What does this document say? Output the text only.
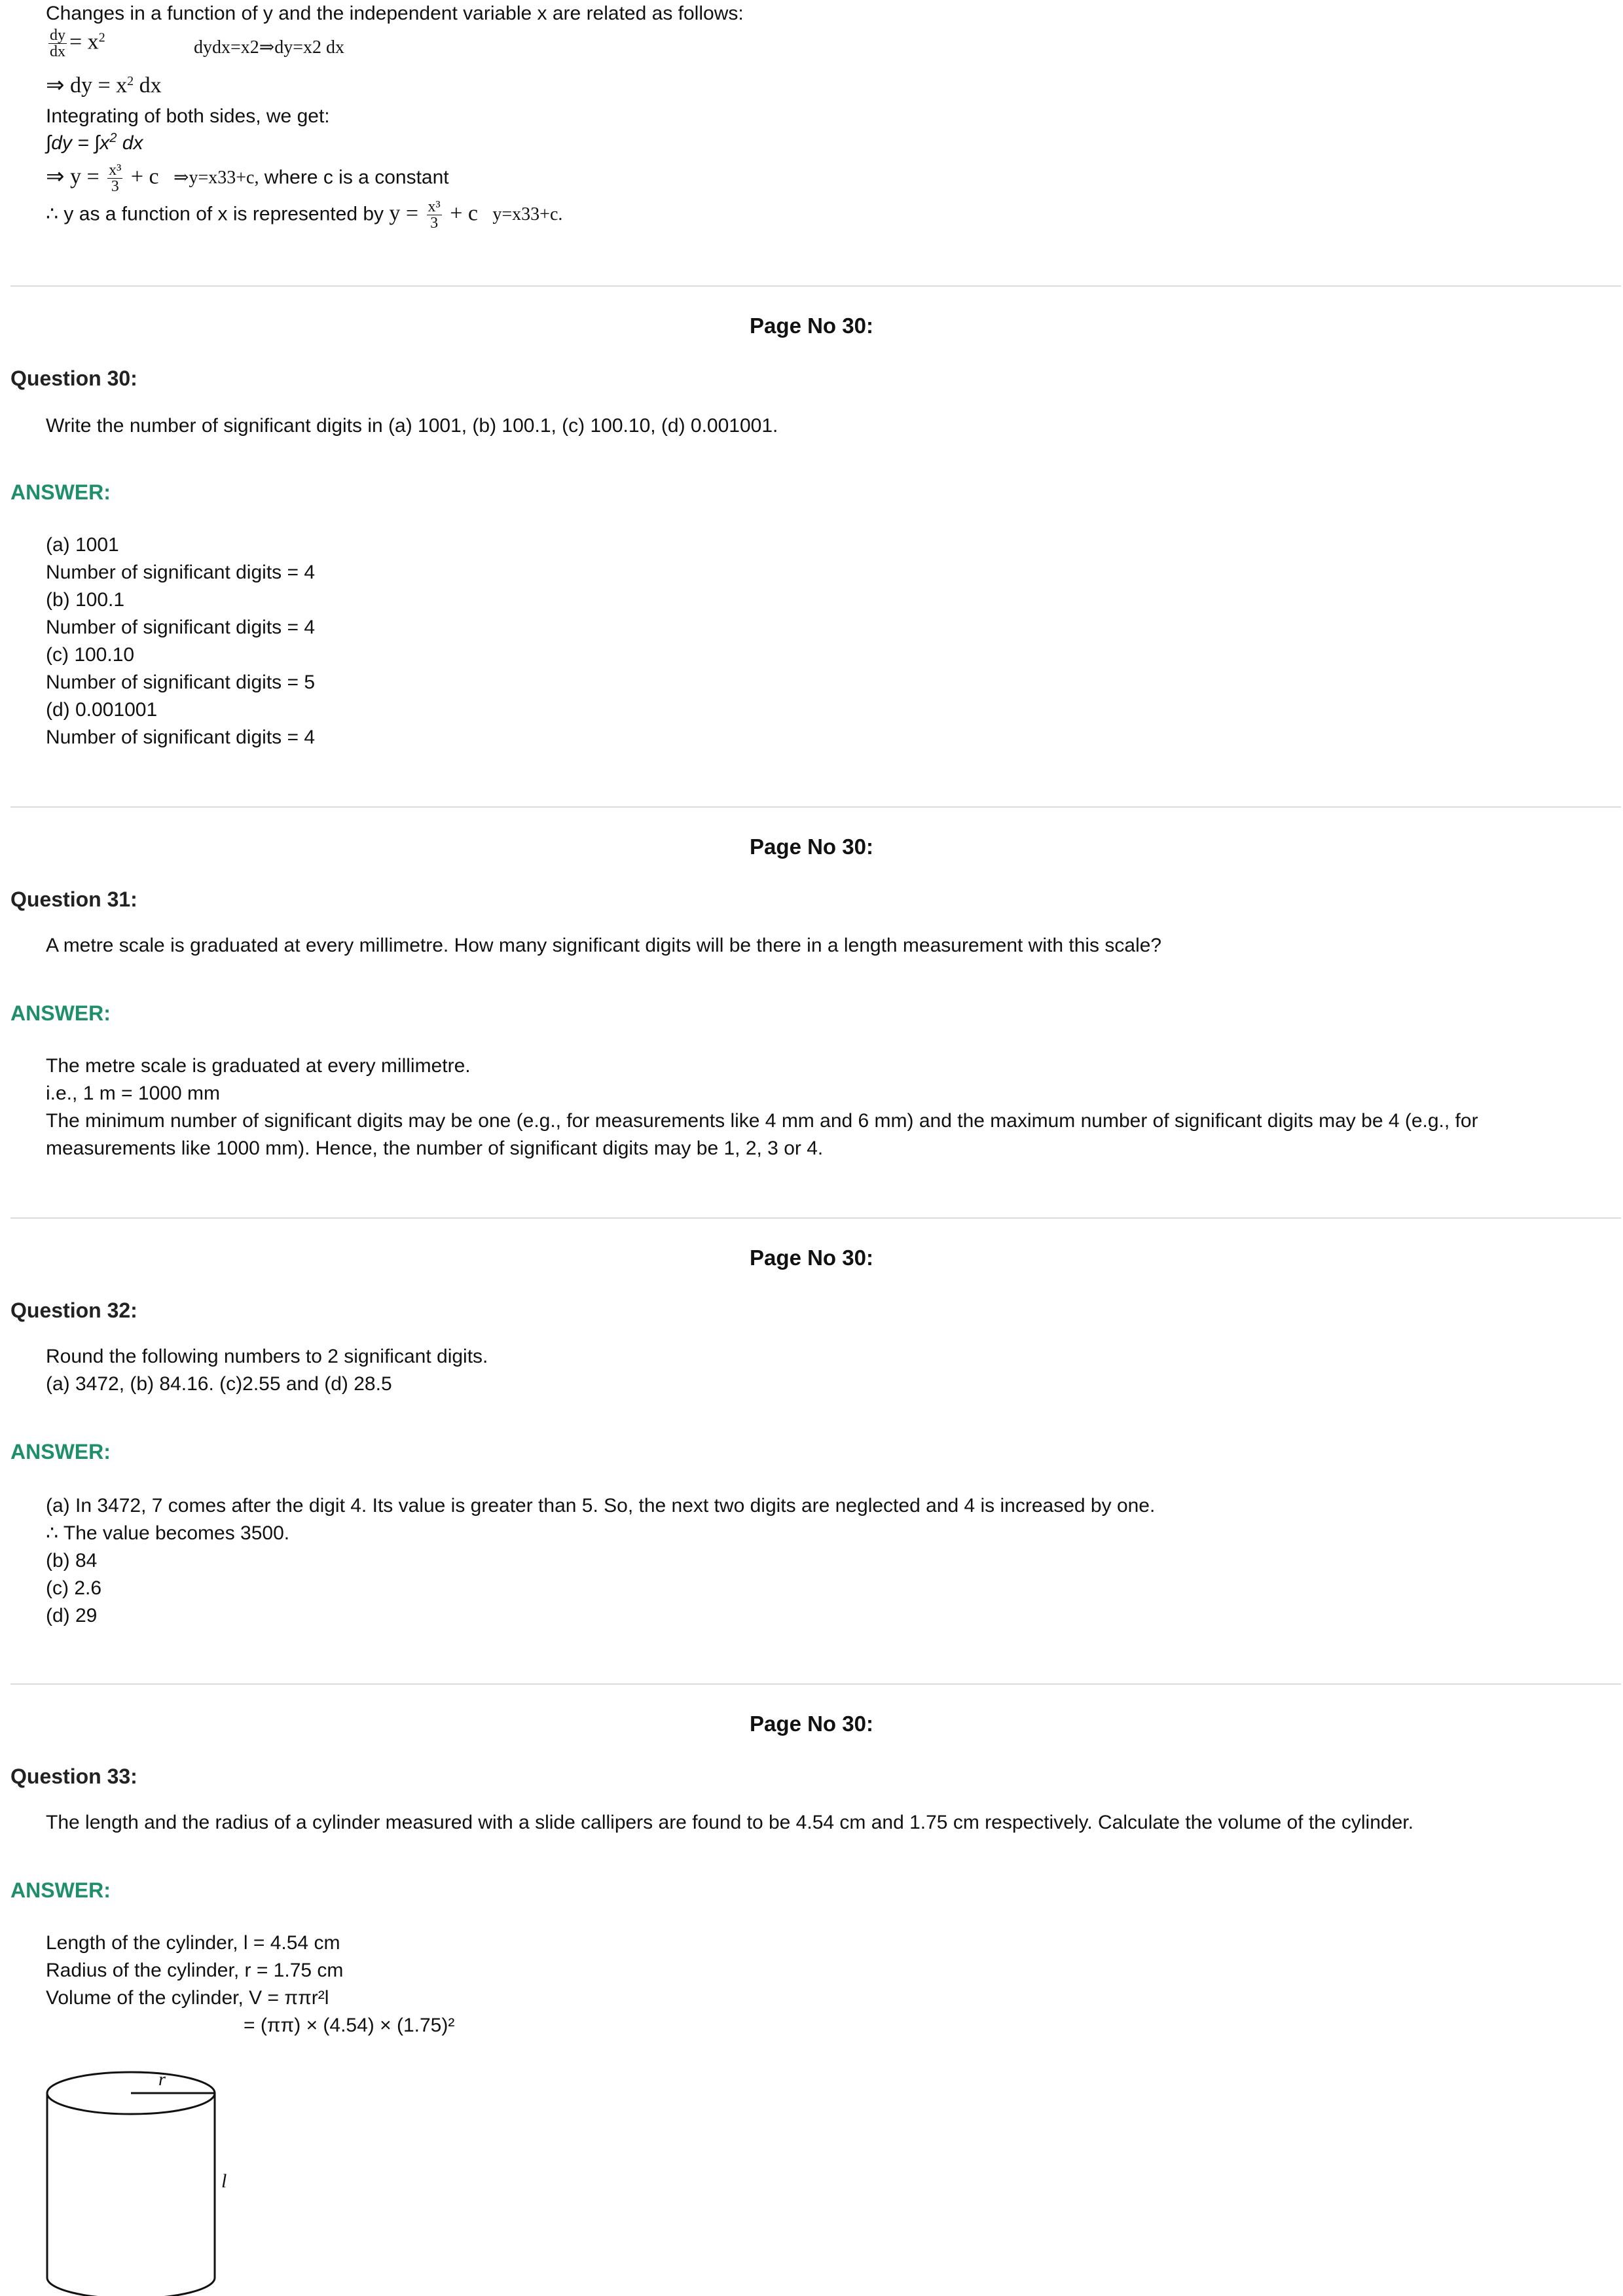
Changes in a function of y and the independent variable x are related as follows:
$\frac{dy}{dx} = x^2$	dydx=x2⇒dy=x2 dx
⇒ dy = $x^2$ dx
Integrating of both sides, we get:
$\int dy = \int x^2$ dx
⇒ $y = \frac{\text{x³}}{3} + c$ ⇒y=x33+c, where c is a constant
∴ y as a function of x is represented by $y = \frac{\text{x³}}{3} + c$ y=x33+c.
Page No 30:
Question 30:
Write the number of significant digits in (a) 1001, (b) 100.1, (c) 100.10, (d) 0.001001.
ANSWER:
(a) 1001
Number of significant digits = 4
(b) 100.1
Number of significant digits = 4
(c) 100.10
Number of significant digits = 5
(d) 0.001001
Number of significant digits = 4
Page No 30:
Question 31:
A metre scale is graduated at every millimetre. How many significant digits will be there in a length measurement with this scale?
ANSWER:
The metre scale is graduated at every millimetre.
i.e., 1 m = 1000 mm
The minimum number of significant digits may be one (e.g., for measurements like 4 mm and 6 mm) and the maximum number of significant digits may be 4 (e.g., for measurements like 1000 mm). Hence, the number of significant digits may be 1, 2, 3 or 4.
Page No 30:
Question 32:
Round the following numbers to 2 significant digits.
(a) 3472, (b) 84.16. (c)2.55 and (d) 28.5
ANSWER:
(a) In 3472, 7 comes after the digit 4. Its value is greater than 5. So, the next two digits are neglected and 4 is increased by one.
∴ The value becomes 3500.
(b) 84
(c) 2.6
(d) 29
Page No 30:
Question 33:
The length and the radius of a cylinder measured with a slide callipers are found to be 4.54 cm and 1.75 cm respectively. Calculate the volume of the cylinder.
ANSWER:
Length of the cylinder, l = 4.54 cm
Radius of the cylinder, r = 1.75 cm
Volume of the cylinder, V = ππr²l
= (ππ) × (4.54) × (1.75)²
r
l
